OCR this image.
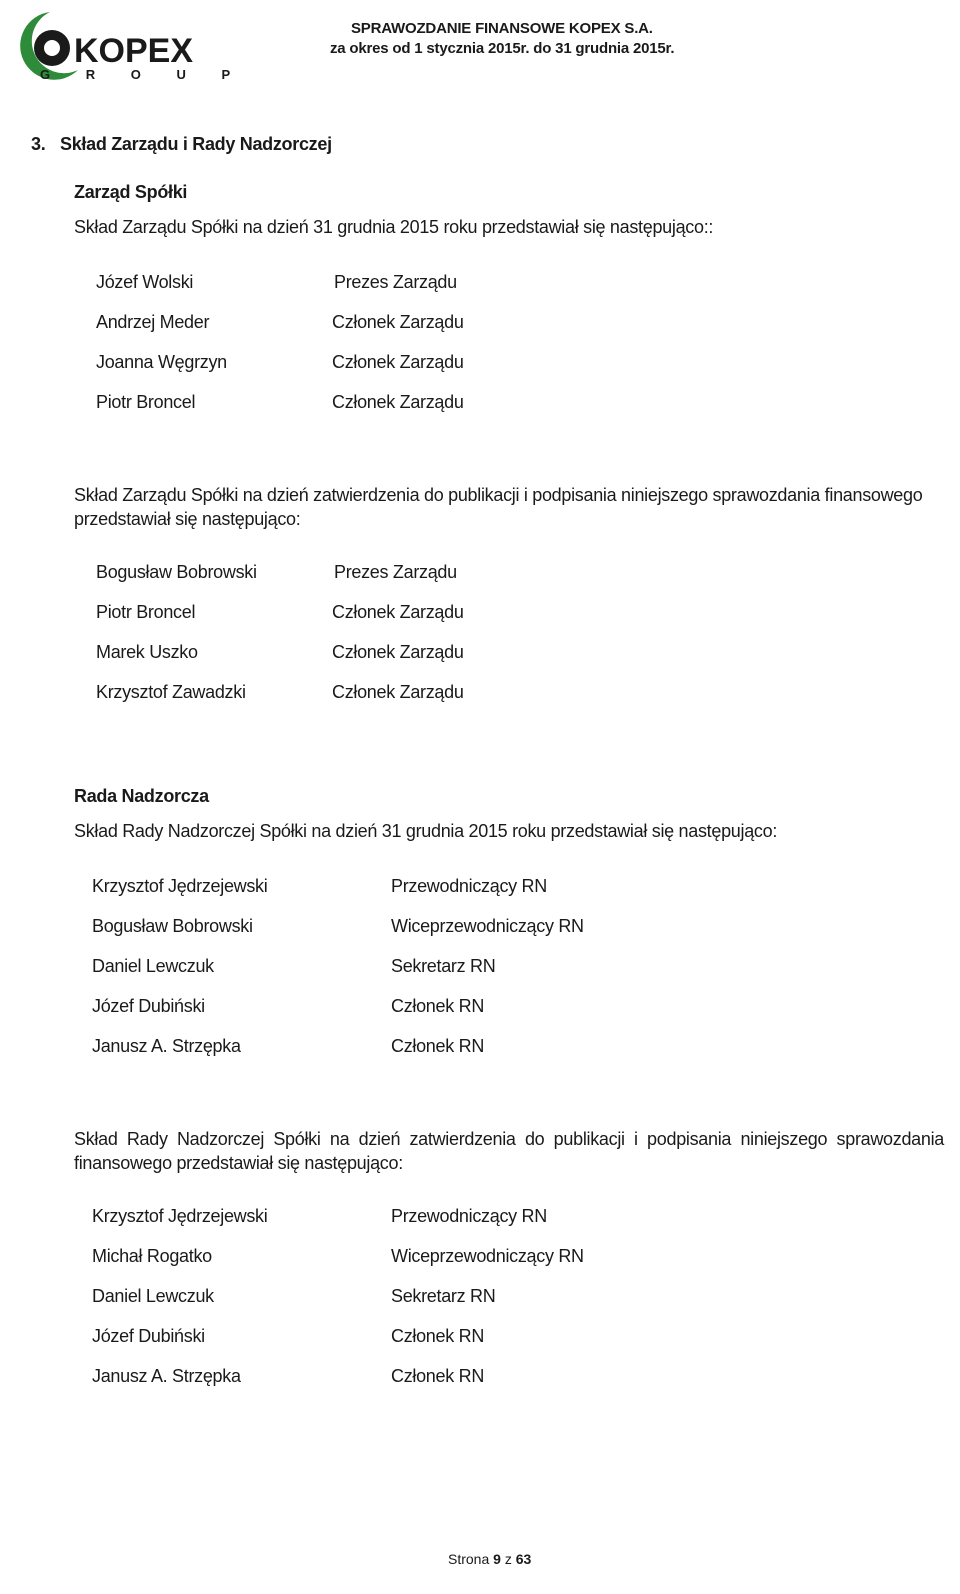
KOPEX
G R O U P
SPRAWOZDANIE FINANSOWE KOPEX S.A.
za okres od 1 stycznia 2015r. do 31 grudnia 2015r.
3. Skład Zarządu i Rady Nadzorczej
Zarząd Spółki
Skład Zarządu Spółki na dzień 31 grudnia 2015 roku przedstawiał się następująco::
Józef Wolski	Prezes Zarządu
Andrzej Meder	Członek Zarządu
Joanna Węgrzyn	Członek Zarządu
Piotr Broncel	Członek Zarządu
Skład Zarządu Spółki na dzień zatwierdzenia do publikacji i podpisania niniejszego sprawozdania finansowego przedstawiał się następująco:
Bogusław Bobrowski	Prezes Zarządu
Piotr Broncel	Członek Zarządu
Marek Uszko	Członek Zarządu
Krzysztof Zawadzki	Członek Zarządu
Rada Nadzorcza
Skład Rady Nadzorczej Spółki na dzień 31 grudnia 2015 roku przedstawiał się następująco:
Krzysztof Jędrzejewski	Przewodniczący RN
Bogusław Bobrowski	Wiceprzewodniczący RN
Daniel Lewczuk	Sekretarz RN
Józef Dubiński	Członek RN
Janusz A. Strzępka	Członek RN
Skład Rady Nadzorczej Spółki na dzień zatwierdzenia do publikacji i podpisania niniejszego sprawozdania finansowego przedstawiał się następująco:
Krzysztof Jędrzejewski	Przewodniczący RN
Michał Rogatko	Wiceprzewodniczący RN
Daniel Lewczuk	Sekretarz RN
Józef Dubiński	Członek RN
Janusz A. Strzępka	Członek RN
Strona 9 z 63
